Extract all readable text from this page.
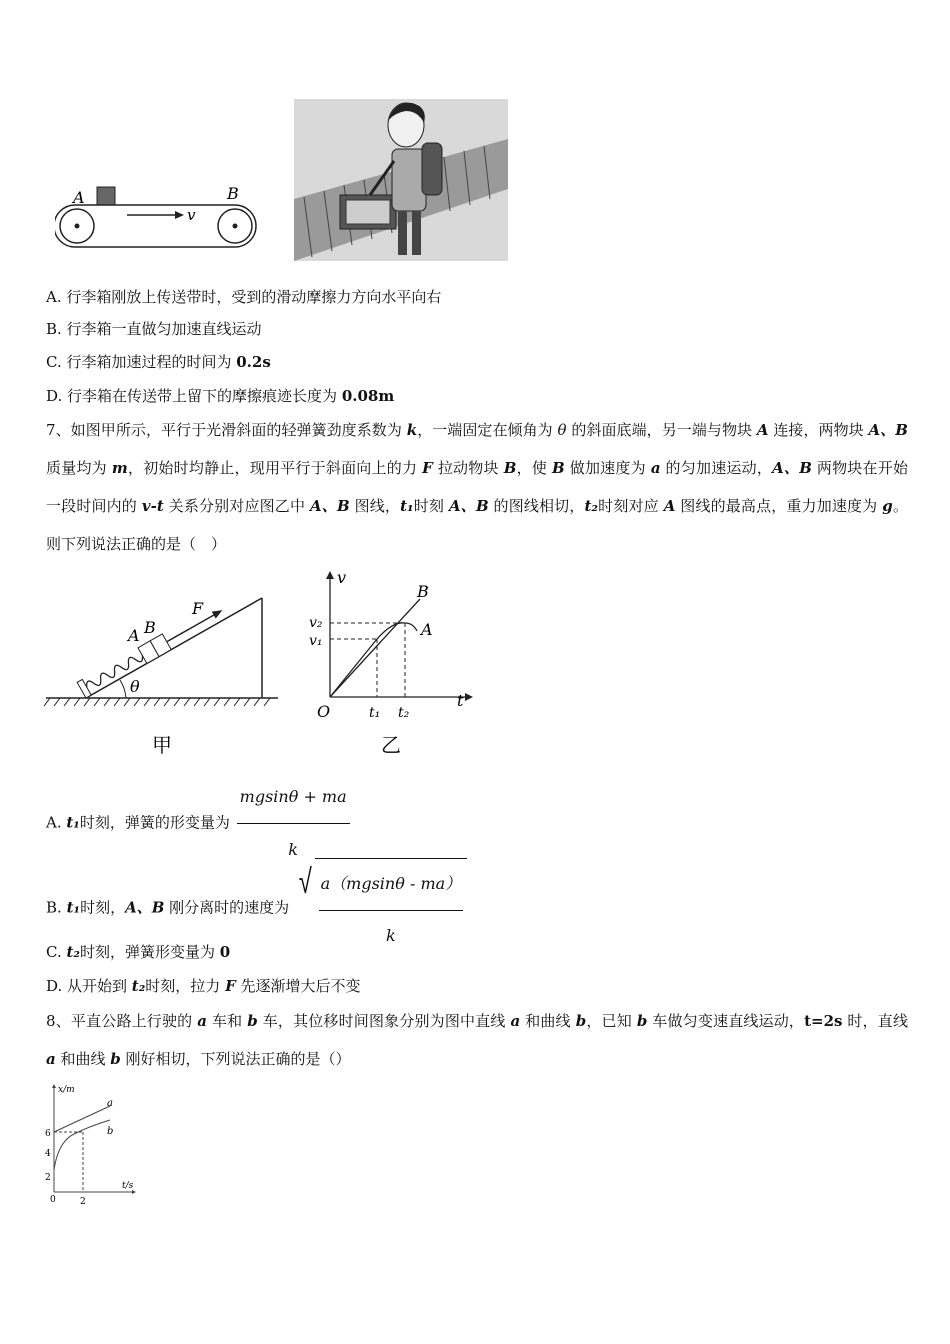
A	B
v
A. 行李箱刚放上传送带时，受到的滑动摩擦力方向水平向右
B. 行李箱一直做匀加速直线运动
C. 行李箱加速过程的时间为 0.2s
D. 行李箱在传送带上留下的摩擦痕迹长度为 0.08m
7、如图甲所示，平行于光滑斜面的轻弹簧劲度系数为 k，一端固定在倾角为 θ 的斜面底端，另一端与物块 A 连接，两物块 A、B 质量均为 m，初始时均静止，现用平行于斜面向上的力 F 拉动物块 B，使 B 做加速度为 a 的匀加速运动，A、B 两物块在开始一段时间内的 v-t 关系分别对应图乙中 A、B 图线，t₁时刻 A、B 的图线相切，t₂时刻对应 A 图线的最高点，重力加速度为 g。则下列说法正确的是（　）
θ
A B
F
甲
v
t
O
B
A
v₂
v₁
t₁ t₂
乙
A. t₁时刻，弹簧的形变量为 $\frac{mgsin\theta + ma}{k}$
B. t₁时刻，A、B 刚分离时的速度为
√ $\frac{a(mgsin\theta - ma)}{k}$
C. t₂时刻，弹簧形变量为 0
D. 从开始到 t₂时刻，拉力 F 先逐渐增大后不变
8、平直公路上行驶的 a 车和 b 车，其位移时间图象分别为图中直线 a 和曲线 b，已知 b 车做匀变速直线运动，t=2s 时，直线 a 和曲线 b 刚好相切，下列说法正确的是（）
x/m
t/s
6
4
2
0	2
a
b
